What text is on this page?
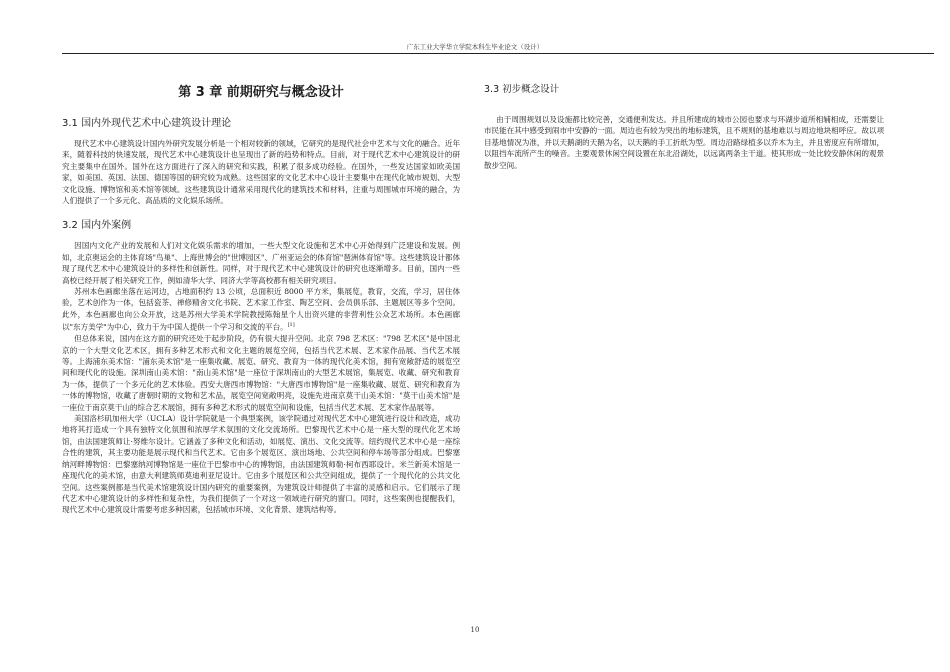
广东工业大学华立学院本科生毕业论文（设计）
第 3 章 前期研究与概念设计
3.1 国内外现代艺术中心建筑设计理论

现代艺术中心建筑设计国内外研究发展分析是一个相对较新的领域，它研究的是现代社会中艺术与文化的融合。近年来，随着科技的快速发展，现代艺术中心建筑设计也呈现出了新的趋势和特点。目前，对于现代艺术中心建筑设计的研究主要集中在国外。国外在这方面进行了深入的研究和实践，积累了很多成功经验。在国外，一些发达国家如欧美国家，如美国、英国、法国、德国等国的研究较为成熟。这些国家的文化艺术中心设计主要集中在现代化城市规划、大型文化设施、博物馆和美术馆等领域。这些建筑设计通常采用现代化的建筑技术和材料，注重与周围城市环境的融合，为人们提供了一个多元化、高品质的文化娱乐场所。

3.2 国内外案例

因国内文化产业的发展和人们对文化娱乐需求的增加，一些大型文化设施和艺术中心开始得到广泛建设和发展。例如，北京奥运会的主体育场"鸟巢"、上海世博会的"世博园区"、广州亚运会的体育馆"琶洲体育馆"等。这些建筑设计都体现了现代艺术中心建筑设计的多样性和创新性。同样，对于现代艺术中心建筑设计的研究也逐渐增多。目前，国内一些高校已经开展了相关研究工作，例如清华大学、同济大学等高校都有相关研究项目。

苏州本色画廊坐落在运河边，占地面积约 13 公顷，总面积近 8000 平方米，集展览，教育，交流，学习，居住体验，艺术创作为一体，包括瓷茶、禅修精舍文化书院、艺术家工作室、陶艺空间、会员俱乐部、主题展区等多个空间。此外，本色画廊也向公众开放，这是苏州大学美术学院教授陈翰星个人出资兴建的非营利性公众艺术场所。本色画廊以"东方美学"为中心，致力于为中国人提供一个学习和交流的平台。[1]

但总体来说，国内在这方面的研究还处于起步阶段，仍有很大提升空间。北京 798 艺术区："798 艺术区"是中国北京的一个大型文化艺术区，拥有多种艺术形式和文化主题的展览空间，包括当代艺术展、艺术家作品展、当代艺术展等。上海浦东美术馆："浦东美术馆"是一座集收藏、展览、研究、教育为一体的现代化美术馆，拥有宽敞舒适的展览空间和现代化的设施。深圳南山美术馆："南山美术馆"是一座位于深圳南山的大型艺术展馆，集展览、收藏、研究和教育为一体，提供了一个多元化的艺术体验。西安大唐西市博物馆："大唐西市博物馆"是一座集收藏、展览、研究和教育为一体的博物馆，收藏了唐朝时期的文物和艺术品，展览空间宽敞明亮，设施先进南京莫干山美术馆："莫干山美术馆"是一座位于南京莫干山的综合艺术展馆，拥有多种艺术形式的展览空间和设施，包括当代艺术展、艺术家作品展等。

美国洛杉矶加州大学（UCLA）设计学院就是一个典型案例，该学院通过对现代艺术中心建筑进行设计和改造，成功地将其打造成一个具有独特文化氛围和浓厚学术氛围的文化交流场所。巴黎现代艺术中心是一座大型的现代化艺术场馆，由法国建筑师让·努维尔设计。它涵盖了多种文化和活动，如展览、演出、文化交流等。纽约现代艺术中心是一座综合性的建筑，其主要功能是展示现代和当代艺术。它由多个展览区、演出场地、公共空间和停车场等部分组成。巴黎塞纳河畔博物馆：巴黎塞纳河博物馆是一座位于巴黎市中心的博物馆，由法国建筑师勒·柯布西耶设计。米兰新美术馆是一座现代化的美术馆，由意大利建筑师莫迪利亚尼设计。它由多个展览区和公共空间组成，提供了一个现代化的公共文化空间。这些案例都是当代美术馆建筑设计国内研究的重要案例，为建筑设计师提供了丰富的灵感和启示。它们展示了现代艺术中心建筑设计的多样性和复杂性，为我们提供了一个对这一领域进行研究的窗口。同时，这些案例也提醒我们，现代艺术中心建筑设计需要考虑多种因素，包括城市环境、文化背景、建筑结构等。

3.3 初步概念设计

由于周围规划以及设施都比较完善，交通便利发达。并且所建成的城市公园也要求与环湖步道所相辅相成，还需要让市民能在其中感受到闹市中安静的一面。周边也有较为突出的地标建筑，且不规则的基地难以与周边地块相呼应。故以项目基地情况为准，并以天鹅湖的天鹅为名，以天鹅的手工折纸为型。周边沿路绿植多以乔木为主，并且密度应有所增加，以阻挡车流所产生的噪音。主要观景休闲空间设置在东北沿湖处，以远离两条主干道。使其形成一处比较安静休闲的观景散步空间。

10
